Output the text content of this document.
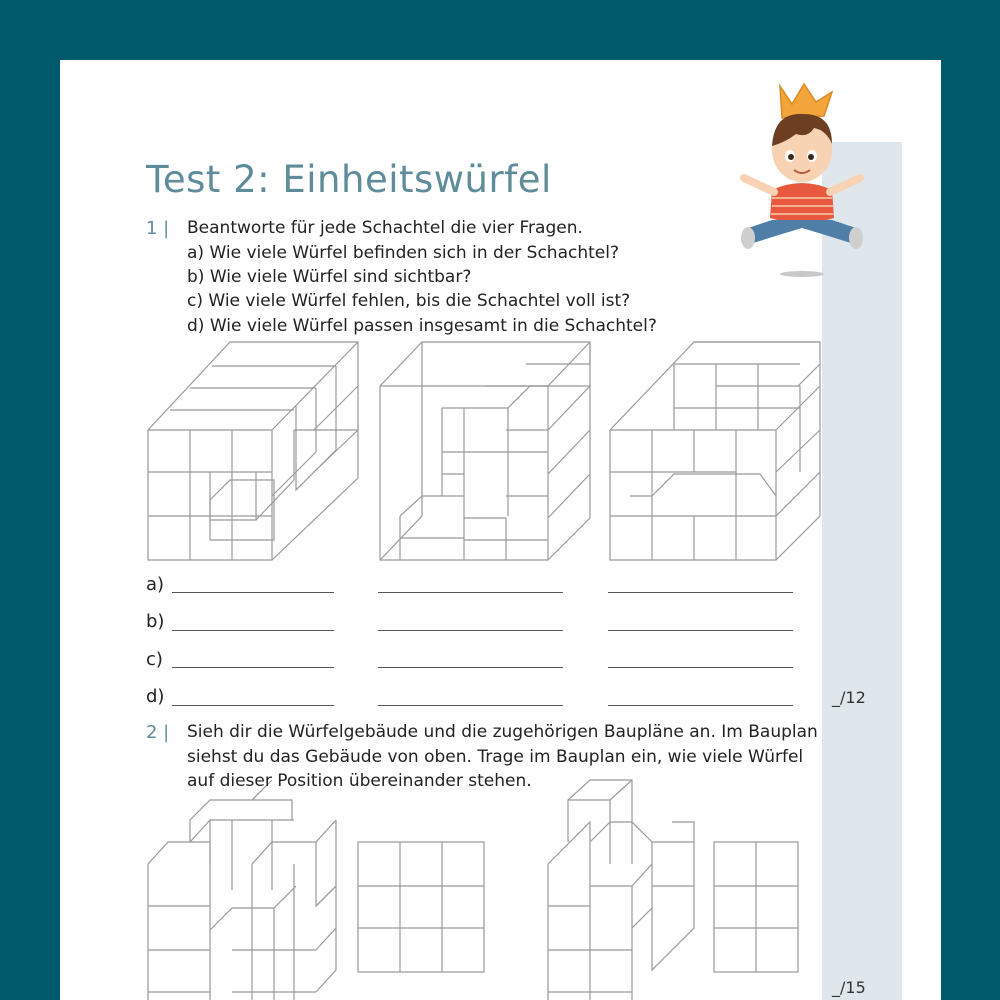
Test 2: Einheitswürfel
1 | Beantworte für jede Schachtel die vier Fragen.
a) Wie viele Würfel befinden sich in der Schachtel?
b) Wie viele Würfel sind sichtbar?
c) Wie viele Würfel fehlen, bis die Schachtel voll ist?
d) Wie viele Würfel passen insgesamt in die Schachtel?
a)
b)
c)
d)	_/12
2 | Sieh dir die Würfelgebäude und die zugehörigen Baupläne an. Im Bauplan
siehst du das Gebäude von oben. Trage im Bauplan ein, wie viele Würfel
auf dieser Position übereinander stehen.
_/15
